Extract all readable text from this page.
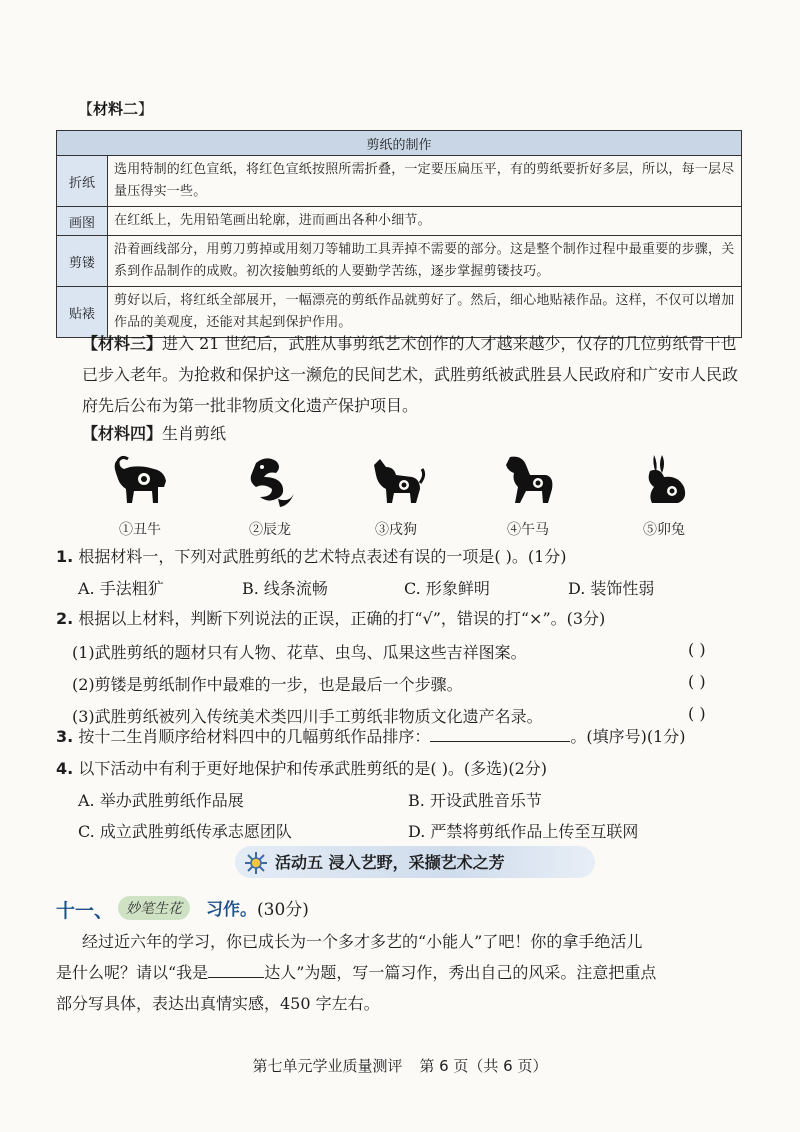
【材料二】
剪纸的制作	
折纸	选用特制的红色宣纸，将红色宣纸按照所需折叠，一定要压扁压平，有的剪纸要折好多层，所以，每一层尽量压得实一些。
画图	在红纸上，先用铅笔画出轮廓，进而画出各种小细节。
剪镂	沿着画线部分，用剪刀剪掉或用刻刀等辅助工具弄掉不需要的部分。这是整个制作过程中最重要的步骤，关系到作品制作的成败。初次接触剪纸的人要勤学苦练，逐步掌握剪镂技巧。
贴裱	剪好以后，将红纸全部展开，一幅漂亮的剪纸作品就剪好了。然后，细心地贴裱作品。这样，不仅可以增加作品的美观度，还能对其起到保护作用。
【材料三】进入 21 世纪后，武胜从事剪纸艺术创作的人才越来越少，仅存的几位剪纸骨干也已步入老年。为抢救和保护这一濒危的民间艺术，武胜剪纸被武胜县人民政府和广安市人民政府先后公布为第一批非物质文化遗产保护项目。
【材料四】生肖剪纸
①丑牛	②辰龙	③戌狗	④午马	⑤卯兔
1. 根据材料一，下列对武胜剪纸的艺术特点表述有误的一项是( )。(1分)
A. 手法粗犷	B. 线条流畅	C. 形象鲜明	D. 装饰性弱
2. 根据以上材料，判断下列说法的正误，正确的打“√”，错误的打“×”。(3分)
(1)武胜剪纸的题材只有人物、花草、虫鸟、瓜果这些吉祥图案。	( )
(2)剪镂是剪纸制作中最难的一步，也是最后一个步骤。	( )
(3)武胜剪纸被列入传统美术类四川手工剪纸非物质文化遗产名录。	( )
3. 按十二生肖顺序给材料四中的几幅剪纸作品排序：	。(填序号)(1分)
4. 以下活动中有利于更好地保护和传承武胜剪纸的是( )。(多选)(2分)
A. 举办武胜剪纸作品展	B. 开设武胜音乐节
C. 成立武胜剪纸传承志愿团队	D. 严禁将剪纸作品上传至互联网
活动五 浸入艺野，采撷艺术之芳
十一、 妙笔生花	习作。(30分)
经过近六年的学习，你已成长为一个多才多艺的“小能人”了吧！你的拿手绝活儿
是什么呢？请以“我是	达人”为题，写一篇习作，秀出自己的风采。注意把重点
部分写具体，表达出真情实感，450 字左右。
第七单元学业质量测评 第 6 页（共 6 页）
